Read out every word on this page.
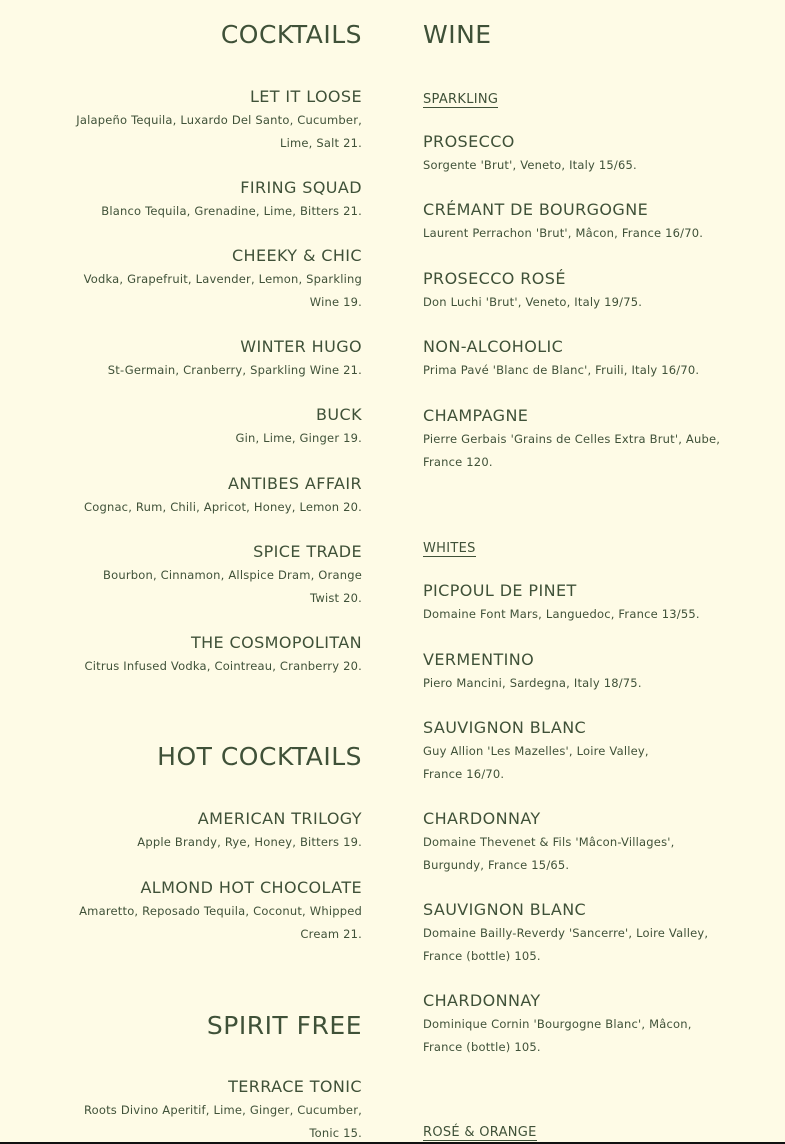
COCKTAILS
LET IT LOOSE
Jalapeño Tequila, Luxardo Del Santo, Cucumber,
Lime, Salt 21.
FIRING SQUAD
Blanco Tequila, Grenadine, Lime, Bitters 21.
CHEEKY & CHIC
Vodka, Grapefruit, Lavender, Lemon, Sparkling
Wine 19.
WINTER HUGO
St-Germain, Cranberry, Sparkling Wine 21.
BUCK
Gin, Lime, Ginger 19.
ANTIBES AFFAIR
Cognac, Rum, Chili, Apricot, Honey, Lemon 20.
SPICE TRADE
Bourbon, Cinnamon, Allspice Dram, Orange
Twist 20.
THE COSMOPOLITAN
Citrus Infused Vodka, Cointreau, Cranberry 20.
HOT COCKTAILS
AMERICAN TRILOGY
Apple Brandy, Rye, Honey, Bitters 19.
ALMOND HOT CHOCOLATE
Amaretto, Reposado Tequila, Coconut, Whipped
Cream 21.
SPIRIT FREE
TERRACE TONIC
Roots Divino Aperitif, Lime, Ginger, Cucumber,
Tonic 15.
WINE
SPARKLING
PROSECCO
Sorgente 'Brut', Veneto, Italy 15/65.
CRÉMANT DE BOURGOGNE
Laurent Perrachon 'Brut', Mâcon, France 16/70.
PROSECCO ROSÉ
Don Luchi 'Brut', Veneto, Italy 19/75.
NON-ALCOHOLIC
Prima Pavé 'Blanc de Blanc', Fruili, Italy 16/70.
CHAMPAGNE
Pierre Gerbais 'Grains de Celles Extra Brut', Aube,
France 120.
WHITES
PICPOUL DE PINET
Domaine Font Mars, Languedoc, France 13/55.
VERMENTINO
Piero Mancini, Sardegna, Italy 18/75.
SAUVIGNON BLANC
Guy Allion 'Les Mazelles', Loire Valley,
France 16/70.
CHARDONNAY
Domaine Thevenet & Fils 'Mâcon-Villages',
Burgundy, France 15/65.
SAUVIGNON BLANC
Domaine Bailly-Reverdy 'Sancerre', Loire Valley,
France (bottle) 105.
CHARDONNAY
Dominique Cornin 'Bourgogne Blanc', Mâcon,
France (bottle) 105.
ROSÉ & ORANGE
